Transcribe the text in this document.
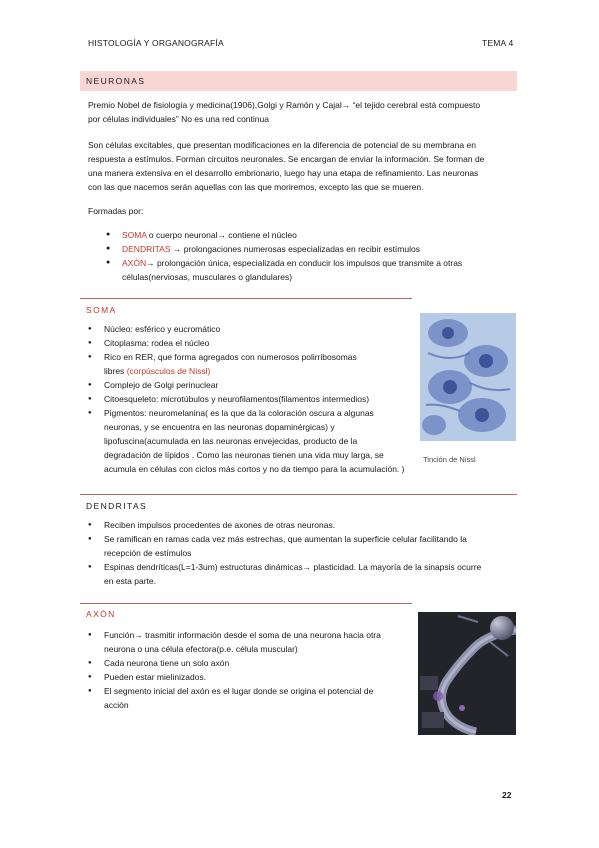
HISTOLOGÍA Y ORGANOGRAFÍA	TEMA 4
NEURONAS
Premio Nobel de fisiología y medicina(1906),Golgi y Ramón y Cajal→ “el tejido cerebral está compuesto
por células individuales” No es una red continua
Son células excitables, que presentan modificaciones en la diferencia de potencial de su membrana en
respuesta a estímulos. Forman circuitos neuronales. Se encargan de enviar la información. Se forman de
una manera extensiva en el desarrollo embrionario, luego hay una etapa de refinamiento. Las neuronas
con las que nacemos serán aquellas con las que moriremos, excepto las que se mueren.
Formadas por:
● SOMA o cuerpo neuronal→ contiene el núcleo
● DENDRITAS → prolongaciones numerosas especializadas en recibir estímulos
● AXÓN→ prolongación única, especializada en conducir los impulsos que transmite a otras
células(nerviosas, musculares o glandulares)
SOMA
● Núcleo: esférico y eucromático
● Citoplasma: rodea el núcleo
● Rico en RER, que forma agregados con numerosos polirribosomas
libres (corpúsculos de Nissl)
● Complejo de Golgi perinuclear
● Citoesqueleto: microtúbulos y neurofilamentos(filamentos intermedios)
● Pigmentos: neuromelanina( es la que da la coloración oscura a algunas
neuronas, y se encuentra en las neuronas dopaminérgicas) y
lipofuscina(acumulada en las neuronas envejecidas, producto de la
degradación de lípidos . Como las neuronas tienen una vida muy larga, se
acumula en células con ciclos más cortos y no da tiempo para la acumulación. )
Tinción de Nissl
DENDRITAS
● Reciben impulsos procedentes de axones de otras neuronas.
● Se ramifican en ramas cada vez más estrechas, que aumentan la superficie celular facilitando la
recepción de estímulos
● Espinas dendríticas(L=1-3um) estructuras dinámicas→ plasticidad. La mayoría de la sinapsis ocurre
en esta parte.
AXÓN
● Función→ trasmitir información desde el soma de una neurona hacia otra
neurona o una célula efectora(p.e. célula muscular)
● Cada neurona tiene un solo axón
● Pueden estar mielinizados.
● El segmento inicial del axón es el lugar donde se origina el potencial de
acción
22
